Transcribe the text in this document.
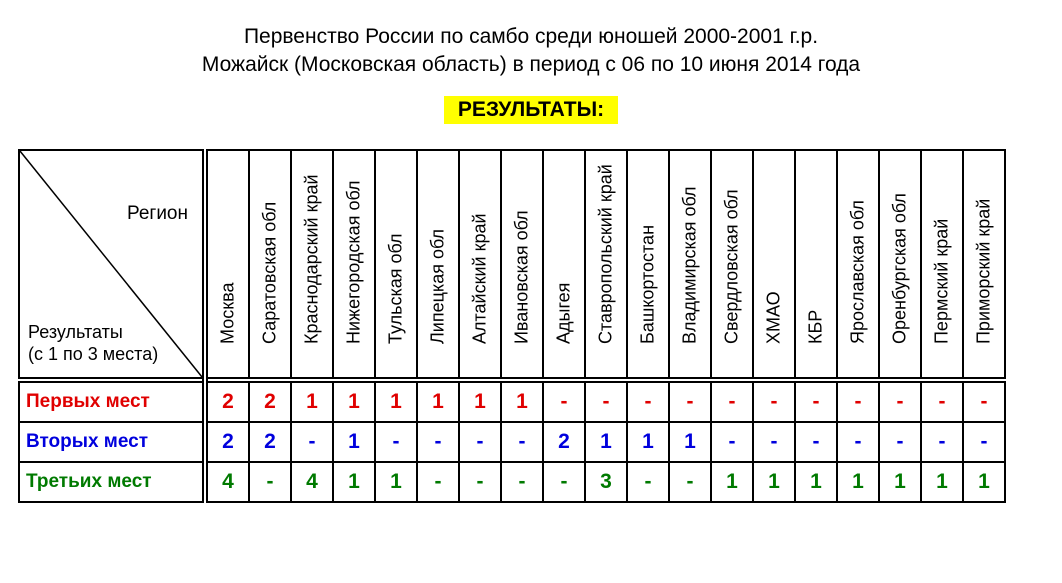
Первенство России по самбо среди юношей 2000-2001 г.р.
Можайск (Московская область) в период с 06 по 10 июня 2014 года
РЕЗУЛЬТАТЫ:
Регион
Результаты
(с 1 по 3 места)	Москва	Саратовская обл	Краснодарский край	Нижегородская обл	Тульская обл	Липецкая обл	Алтайский край	Ивановская обл	Адыгея	Ставропольский край	Башкортостан	Владимирская обл	Свердловская обл	ХМАО	КБР	Ярославская обл	Оренбургская обл	Пермский край	Приморский край

Первых мест	2	2	1	1	1	1	1	1	-	-	-	-	-	-	-	-	-	-	-
Вторых мест	2	2	-	1	-	-	-	-	2	1	1	1	-	-	-	-	-	-	-
Третьих мест	4	-	4	1	1	-	-	-	-	3	-	-	1	1	1	1	1	1	1
